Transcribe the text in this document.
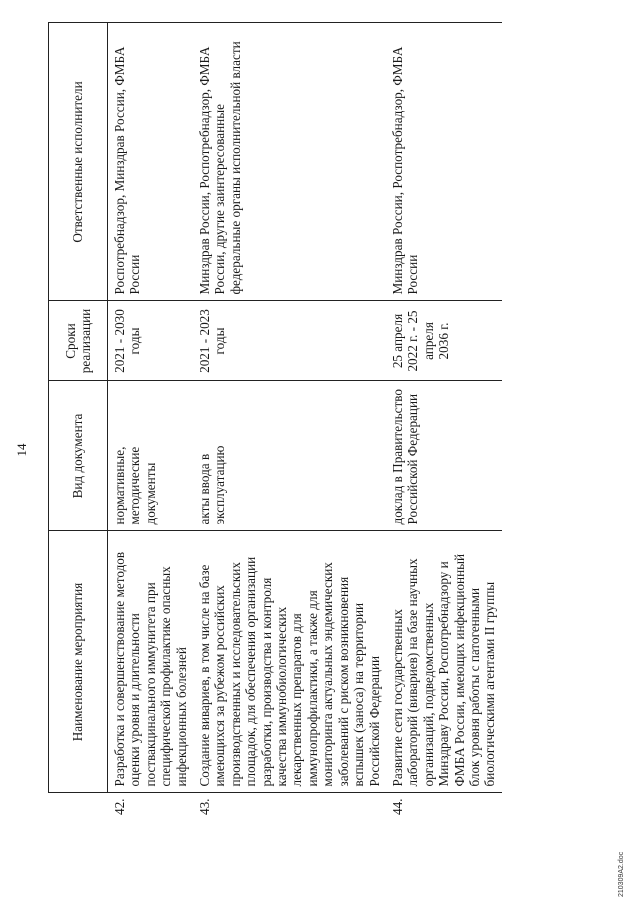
14
	Наименование мероприятия	Вид документа	Сроки реализации	Ответственные исполнители
42.	Разработка и совершенствование методов оценки уровня и длительности поствакцинального иммунитета при специфической профилактике опасных инфекционных болезней	нормативные, методические документы	2021 - 2030 годы	Роспотребнадзор, Минздрав России, ФМБА России
43.	Создание вивариев, в том числе на базе имеющихся за рубежом российских производственных и исследовательских площадок, для обеспечения организации разработки, производства и контроля качества иммунобиологических лекарственных препаратов для иммунопрофилактики, а также для мониторинга актуальных эндемических заболеваний с риском возникновения вспышек (заноса) на территории Российской Федерации	акты ввода в эксплуатацию	2021 - 2023 годы	Минздрав России, Роспотребнадзор, ФМБА России, другие заинтересованные федеральные органы исполнительной власти
44.	Развитие сети государственных лабораторий (вивариев) на базе научных организаций, подведомственных Минздраву России, Роспотребнадзору и ФМБА России, имеющих инфекционный блок уровня работы с патогенными биологическими агентами II группы	доклад в Правительство Российской Федерации	25 апреля 2022 г. - 25 апреля 2036 г.	Минздрав России, Роспотребнадзор, ФМБА России
210309A2.doc
